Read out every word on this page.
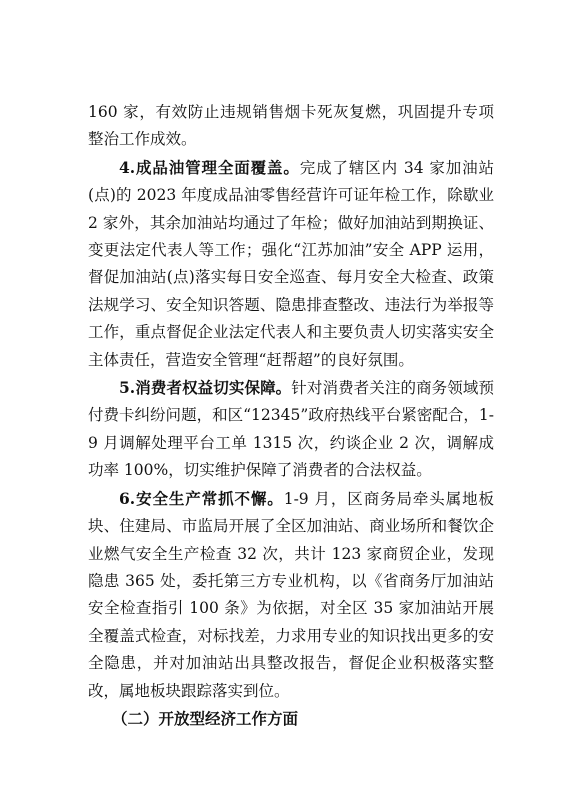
160 家，有效防止违规销售烟卡死灰复燃，巩固提升专项整治工作成效。

4.成品油管理全面覆盖。完成了辖区内 34 家加油站(点)的 2023 年度成品油零售经营许可证年检工作，除歇业 2 家外，其余加油站均通过了年检；做好加油站到期换证、变更法定代表人等工作；强化“江苏加油”安全 APP 运用，督促加油站(点)落实每日安全巡查、每月安全大检查、政策法规学习、安全知识答题、隐患排查整改、违法行为举报等工作，重点督促企业法定代表人和主要负责人切实落实安全主体责任，营造安全管理“赶帮超”的良好氛围。

5.消费者权益切实保障。针对消费者关注的商务领域预付费卡纠纷问题，和区“12345”政府热线平台紧密配合，1-9 月调解处理平台工单 1315 次，约谈企业 2 次，调解成功率 100%，切实维护保障了消费者的合法权益。

6.安全生产常抓不懈。1-9 月，区商务局牵头属地板块、住建局、市监局开展了全区加油站、商业场所和餐饮企业燃气安全生产检查 32 次，共计 123 家商贸企业，发现隐患 365 处，委托第三方专业机构，以《省商务厅加油站安全检查指引 100 条》为依据，对全区 35 家加油站开展全覆盖式检查，对标找差，力求用专业的知识找出更多的安全隐患，并对加油站出具整改报告，督促企业积极落实整改，属地板块跟踪落实到位。

（二）开放型经济工作方面
